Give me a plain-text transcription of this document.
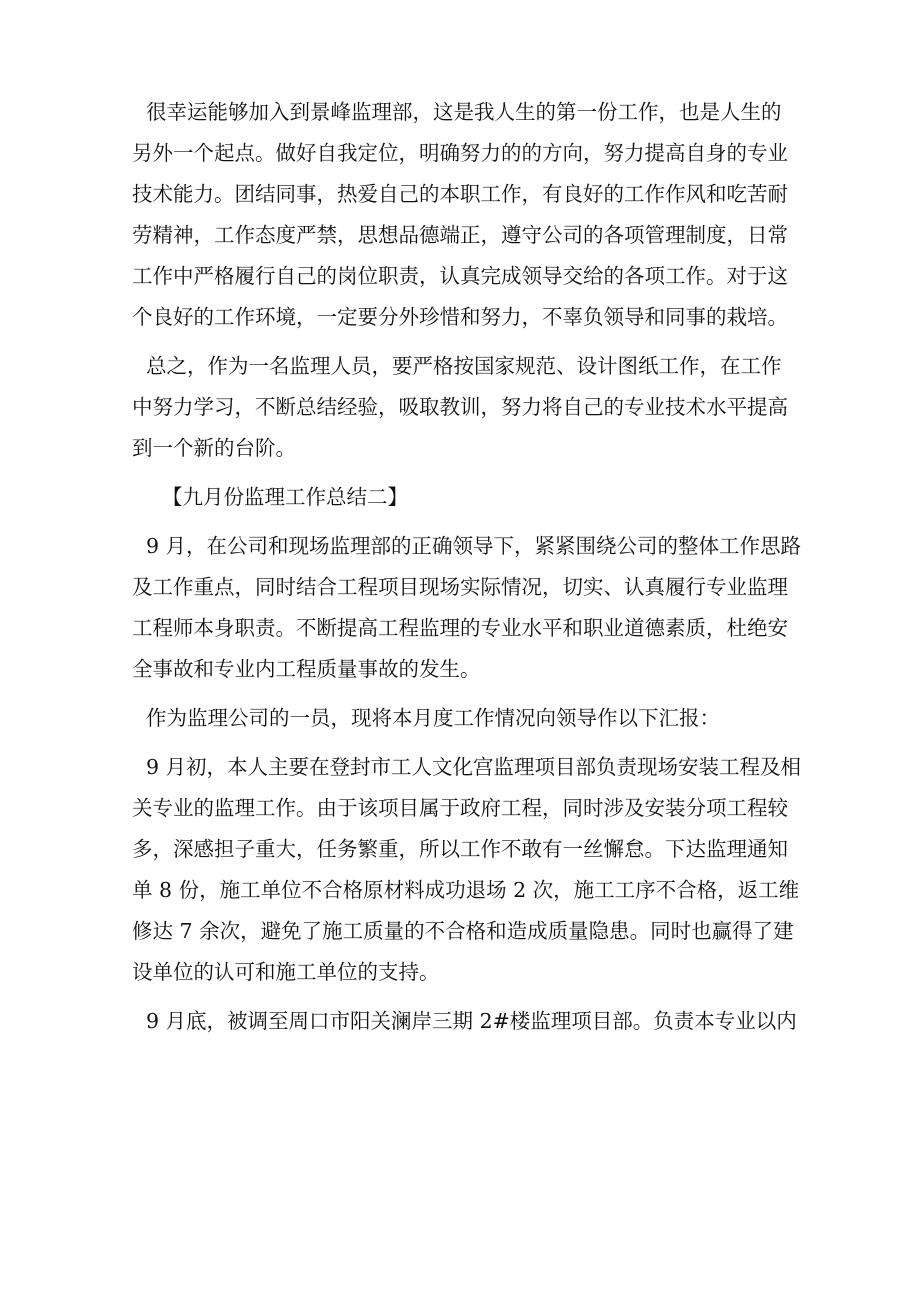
很幸运能够加入到景峰监理部，这是我人生的第一份工作，也是人生的
另外一个起点。做好自我定位，明确努力的的方向，努力提高自身的专业
技术能力。团结同事，热爱自己的本职工作，有良好的工作作风和吃苦耐
劳精神，工作态度严禁，思想品德端正，遵守公司的各项管理制度，日常
工作中严格履行自己的岗位职责，认真完成领导交给的各项工作。对于这
个良好的工作环境，一定要分外珍惜和努力，不辜负领导和同事的栽培。
总之，作为一名监理人员，要严格按国家规范、设计图纸工作，在工作
中努力学习，不断总结经验，吸取教训，努力将自己的专业技术水平提高
到一个新的台阶。
【九月份监理工作总结二】
9 月，在公司和现场监理部的正确领导下，紧紧围绕公司的整体工作思路
及工作重点，同时结合工程项目现场实际情况，切实、认真履行专业监理
工程师本身职责。不断提高工程监理的专业水平和职业道德素质，杜绝安
全事故和专业内工程质量事故的发生。
作为监理公司的一员，现将本月度工作情况向领导作以下汇报：
9 月初，本人主要在登封市工人文化宫监理项目部负责现场安装工程及相
关专业的监理工作。由于该项目属于政府工程，同时涉及安装分项工程较
多，深感担子重大，任务繁重，所以工作不敢有一丝懈怠。下达监理通知
单 8 份，施工单位不合格原材料成功退场 2 次，施工工序不合格，返工维
修达 7 余次，避免了施工质量的不合格和造成质量隐患。同时也赢得了建
设单位的认可和施工单位的支持。
9 月底，被调至周口市阳关澜岸三期 2#楼监理项目部。负责本专业以内
